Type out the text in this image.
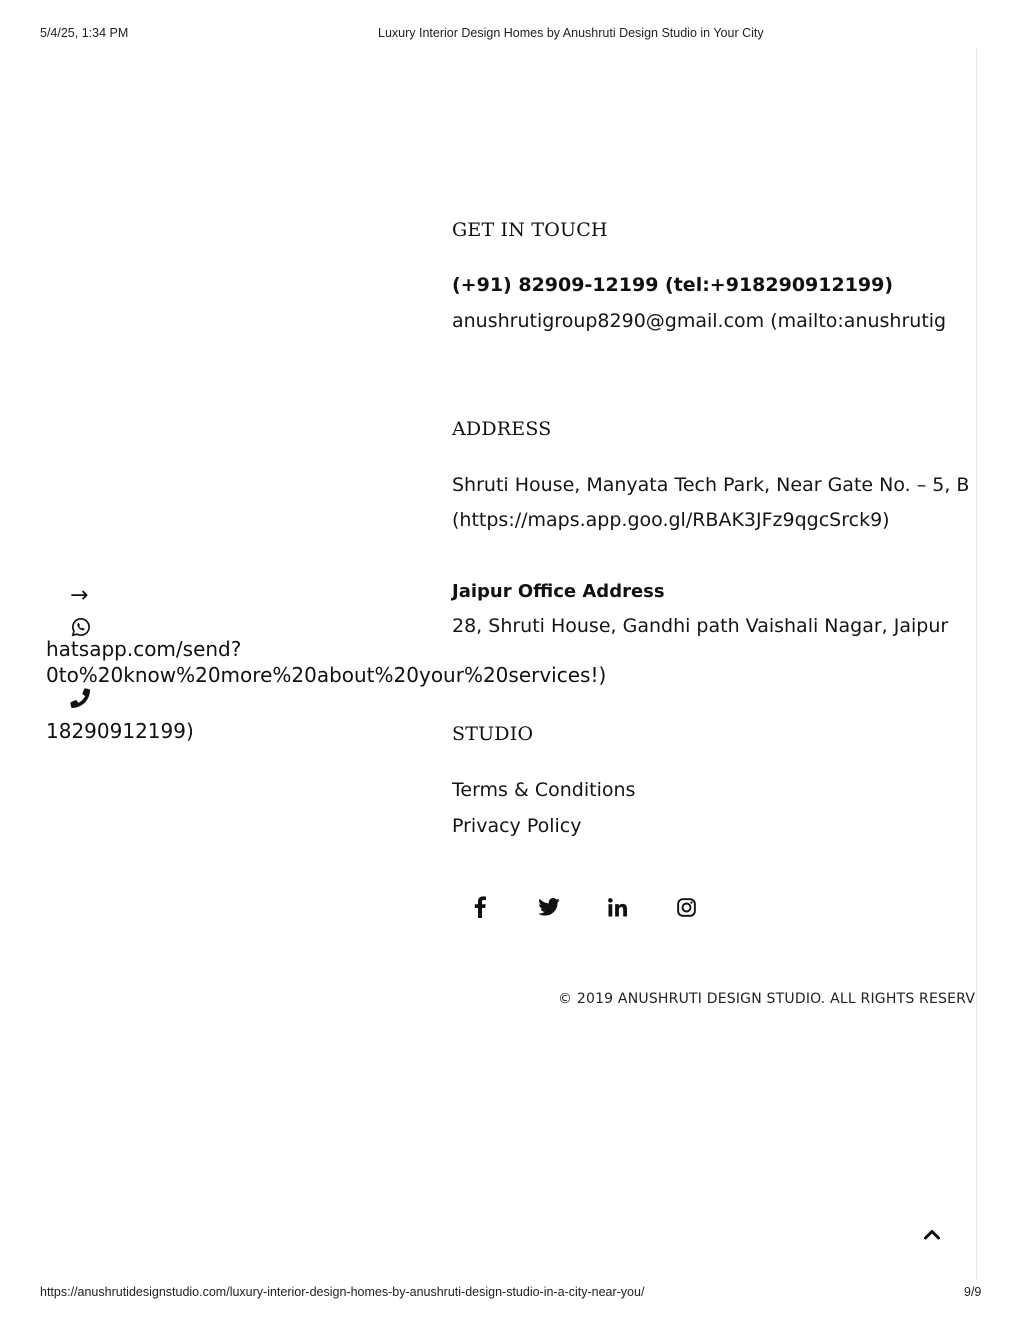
5/4/25, 1:34 PM	Luxury Interior Design Homes by Anushruti Design Studio in Your City
GET IN TOUCH
(+91) 82909-12199 (tel:+918290912199)
anushrutigroup8290@gmail.com (mailto:anushrutig
ADDRESS
Shruti House, Manyata Tech Park, Near Gate No. – 5, B
(https://maps.app.goo.gl/RBAK3JFz9qgcSrck9)
Jaipur Office Address
28, Shruti House, Gandhi path Vaishali Nagar, Jaipur
STUDIO
Terms & Conditions
Privacy Policy
© 2019 ANUSHRUTI DESIGN STUDIO. ALL RIGHTS RESERV
→
hatsapp.com/send?
0to%20know%20more%20about%20your%20services!)
18290912199)
https://anushrutidesignstudio.com/luxury-interior-design-homes-by-anushruti-design-studio-in-a-city-near-you/	9/9
